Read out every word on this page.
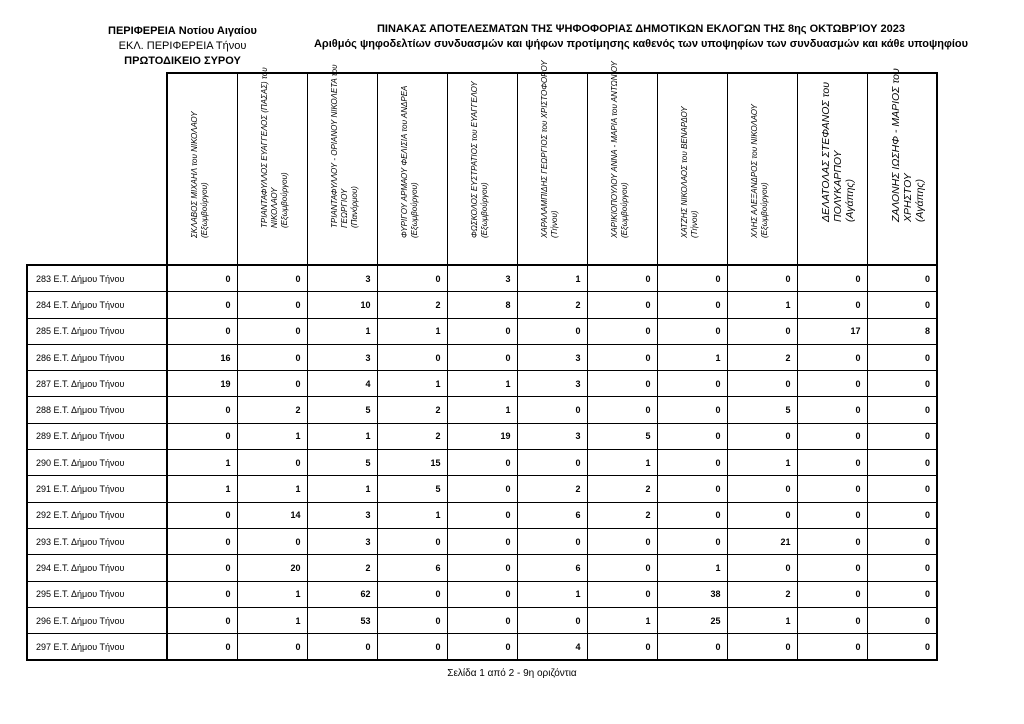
ΠΕΡΙΦΕΡΕΙΑ Νοτίου Αιγαίου
ΕΚΛ. ΠΕΡΙΦΕΡΕΙΑ Τήνου
ΠΡΩΤΟΔΙΚΕΙΟ ΣΥΡΟΥ
ΠΙΝΑΚΑΣ ΑΠΟΤΕΛΕΣΜΑΤΩΝ ΤΗΣ ΨΗΦΟΦΟΡΙΑΣ ΔΗΜΟΤΙΚΩΝ ΕΚΛΟΓΩΝ ΤΗΣ 8ης ΟΚΤΩΒΡΊΟΥ 2023
Αριθμός ψηφοδελτίων συνδυασμών και ψήφων προτίμησης καθενός των υποψηφίων των συνδυασμών και κάθε υποψηφίου

	ΣΚΛΑΒΟΣ ΜΙΧΑΗΛ του ΝΙΚΟΛΑΟΥ (Εξωμβούργου)	ΤΡΙΑΝΤΑΦΥΛΛΟΣ ΕΥΑΓΓΕΛΟΣ (ΠΑΣΑΣ) του ΝΙΚΟΛΑΟΥ (Εξωμβούργου)	ΤΡΙΑΝΤΑΦΥΛΛΟΥ - ΟΡΙΑΝΟΥ ΝΙΚΟΛΕΤΑ του ΓΕΩΡΓΙΟΥ (Πανόρμου)	ΦΥΡΙΓΟΥ ΑΡΜΑΟΥ ΦΕΛΙΣΙΑ του ΑΝΔΡΕΑ (Εξωμβούργου)	ΦΩΣΚΟΛΟΣ ΕΥΣΤΡΑΤΙΟΣ του ΕΥΑΓΓΕΛΟΥ (Εξωμβούργου)	ΧΑΡΑΛΑΜΠΙΔΗΣ ΓΕΩΡΓΙΟΣ του ΧΡΙΣΤΟΦΟΡΟΥ (Τήνου)	ΧΑΡΙΚΙΟΠΟΥΛΟΥ ΑΝΝΑ - ΜΑΡΙΑ του ΑΝΤΩΝΙΟΥ (Εξωμβούργου)	ΧΑΤΖΗΣ ΝΙΚΟΛΑΟΣ του ΒΕΝΑΡΔΟΥ (Τήνου)	ΧΛΗΣ ΑΛΕΞΑΝΔΡΟΣ του ΝΙΚΟΛΑΟΥ (Εξωμβούργου)	ΔΕΛΑΤΟΛΑΣ ΣΤΕΦΑΝΟΣ του ΠΟΛΥΚΑΡΠΟΥ (Αγάπης)	ΖΑΛΟΝΗΣ ΙΩΣΗΦ - ΜΑΡΙΟΣ του ΧΡΗΣΤΟΥ (Αγάπης)

283 Ε.Τ. Δήμου Τήνου	0	0	3	0	3	1	0	0	0	0	0
284 Ε.Τ. Δήμου Τήνου	0	0	10	2	8	2	0	0	1	0	0
285 Ε.Τ. Δήμου Τήνου	0	0	1	1	0	0	0	0	0	17	8
286 Ε.Τ. Δήμου Τήνου	16	0	3	0	0	3	0	1	2	0	0
287 Ε.Τ. Δήμου Τήνου	19	0	4	1	1	3	0	0	0	0	0
288 Ε.Τ. Δήμου Τήνου	0	2	5	2	1	0	0	0	5	0	0
289 Ε.Τ. Δήμου Τήνου	0	1	1	2	19	3	5	0	0	0	0
290 Ε.Τ. Δήμου Τήνου	1	0	5	15	0	0	1	0	1	0	0
291 Ε.Τ. Δήμου Τήνου	1	1	1	5	0	2	2	0	0	0	0
292 Ε.Τ. Δήμου Τήνου	0	14	3	1	0	6	2	0	0	0	0
293 Ε.Τ. Δήμου Τήνου	0	0	3	0	0	0	0	0	21	0	0
294 Ε.Τ. Δήμου Τήνου	0	20	2	6	0	6	0	1	0	0	0
295 Ε.Τ. Δήμου Τήνου	0	1	62	0	0	1	0	38	2	0	0
296 Ε.Τ. Δήμου Τήνου	0	1	53	0	0	0	1	25	1	0	0
297 Ε.Τ. Δήμου Τήνου	0	0	0	0	0	4	0	0	0	0	0
Σελίδα 1 από 2 - 9η οριζόντια
